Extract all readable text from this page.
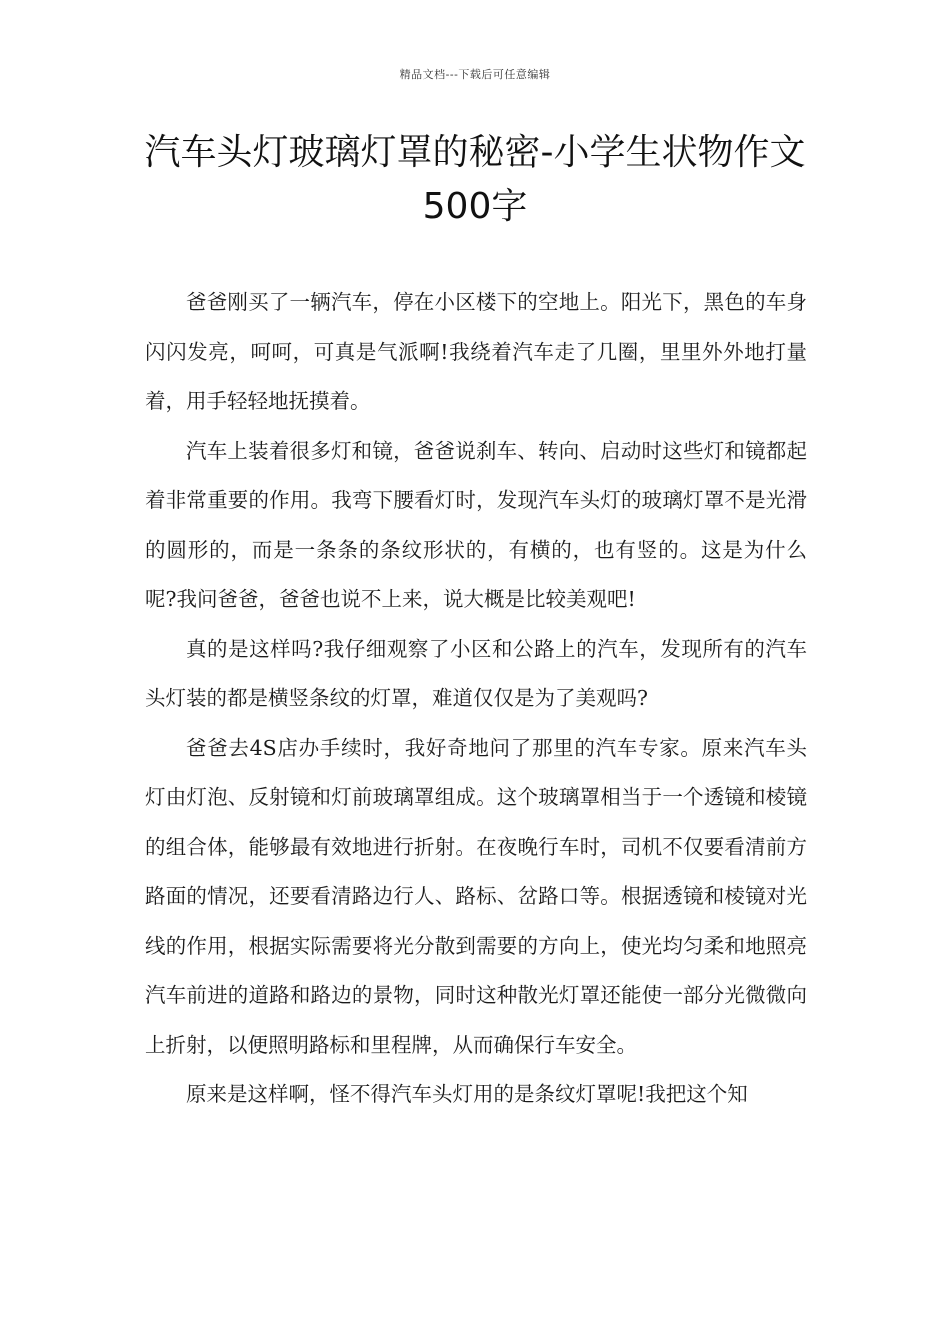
精品文档---下载后可任意编辑
汽车头灯玻璃灯罩的秘密-小学生状物作文500字

爸爸刚买了一辆汽车，停在小区楼下的空地上。阳光下，黑色的车身闪闪发亮，呵呵，可真是气派啊!我绕着汽车走了几圈，里里外外地打量着，用手轻轻地抚摸着。

汽车上装着很多灯和镜，爸爸说刹车、转向、启动时这些灯和镜都起着非常重要的作用。我弯下腰看灯时，发现汽车头灯的玻璃灯罩不是光滑的圆形的，而是一条条的条纹形状的，有横的，也有竖的。这是为什么呢?我问爸爸，爸爸也说不上来，说大概是比较美观吧!

真的是这样吗?我仔细观察了小区和公路上的汽车，发现所有的汽车头灯装的都是横竖条纹的灯罩，难道仅仅是为了美观吗?

爸爸去4S店办手续时，我好奇地问了那里的汽车专家。原来汽车头灯由灯泡、反射镜和灯前玻璃罩组成。这个玻璃罩相当于一个透镜和棱镜的组合体，能够最有效地进行折射。在夜晚行车时，司机不仅要看清前方路面的情况，还要看清路边行人、路标、岔路口等。根据透镜和棱镜对光线的作用，根据实际需要将光分散到需要的方向上，使光均匀柔和地照亮汽车前进的道路和路边的景物，同时这种散光灯罩还能使一部分光微微向上折射，以便照明路标和里程牌，从而确保行车安全。

原来是这样啊，怪不得汽车头灯用的是条纹灯罩呢!我把这个知
